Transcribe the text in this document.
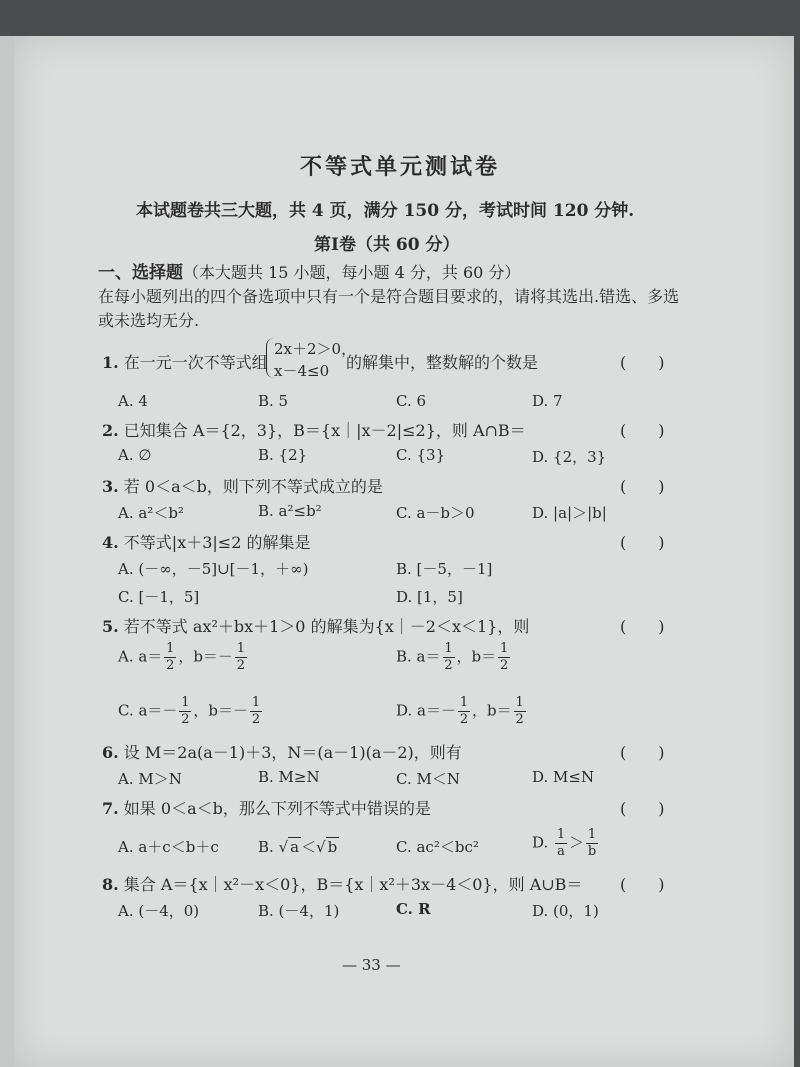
不等式单元测试卷
本试题卷共三大题，共 4 页，满分 150 分，考试时间 120 分钟.
第Ⅰ卷（共 60 分）
一、选择题（本大题共 15 小题，每小题 4 分，共 60 分）
在每小题列出的四个备选项中只有一个是符合题目要求的，请将其选出.错选、多选
或未选均无分.
1. 在一元一次不等式组
2x＋2＞0，
x－4≤0 的解集中，整数解的个数是	(　　)
A. 4	B. 5	C. 6	D. 7
2. 已知集合 A＝{2，3}，B＝{x｜|x－2|≤2}，则 A∩B＝	(　　)
A. ∅	B. {2}	C. {3}	D. {2，3}
3. 若 0＜a＜b，则下列不等式成立的是	(　　)
A. a²＜b²	B. a²≤b²	C. a－b＞0	D. |a|＞|b|
4. 不等式|x＋3|≤2 的解集是	(　　)
A. (－∞，－5]∪[－1，＋∞)	B. [－5，－1]
C. [－1，5]	D. [1，5]
5. 若不等式 ax²＋bx＋1＞0 的解集为{x｜－2＜x＜1}，则	(　　)
A. $a= \frac{1}{2}$ ，$b=- \frac{1}{2}$	B. $a= \frac{1}{2}$ ，$b= \frac{1}{2}$
C. $a=- \frac{1}{2}$ ，$b=- \frac{1}{2}$	D. $a=- \frac{1}{2}$ ，$b= \frac{1}{2}$
6. 设 M＝2a(a－1)＋3，N＝(a－1)(a－2)，则有	(　　)
A. M＞N	B. M≥N	C. M＜N	D. M≤N
7. 如果 0＜a＜b，那么下列不等式中错误的是	(　　)
A. a＋c＜b＋c	B. √ a ＜√ b	C. ac²＜bc²	D. $\frac{1}{a} > \frac{1}{b}$
8. 集合 A＝{x｜x²－x＜0}，B＝{x｜x²＋3x－4＜0}，则 A∪B＝ (　　)
A. (－4，0)	B. (－4，1)	C. R	D. (0，1)
— 33 —
